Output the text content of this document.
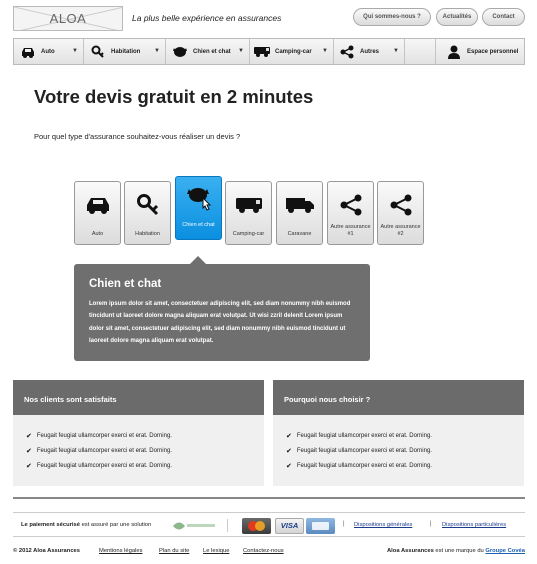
ALOA	La plus belle expérience en assurances	Qui sommes-nous ?	Actualités	Contact
Auto	▼	Habitation ▼	Chien et chat ▼	Camping-car ▼	Autres ▼	Espace personnel
Votre devis gratuit en 2 minutes

Pour quel type d'assurance souhaitez-vous réaliser un devis ?

Auto	Habitation
Chien et chat
Camping-car	Caravane
Autre assurance #1
Autre assurance #2
Chien et chat
Lorem ipsum dolor sit amet, consectetuer adipiscing elit, sed diam nonummy nibh euismod tincidunt ut laoreet dolore magna aliquam erat volutpat. Ut wisi zzril delenit Lorem ipsum dolor sit amet, consectetuer adipiscing elit, sed diam nonummy nibh euismod tincidunt ut laoreet dolore magna aliquam erat volutpat.
Nos clients sont satisfaits
✔ Feugait feugiat ullamcorper exerci et erat. Dorning.
✔ Feugait feugiat ullamcorper exerci et erat. Dorning.
✔ Feugait feugiat ullamcorper exerci et erat. Dorning.
Pourquoi nous choisir ?
✔ Feugait feugiat ullamcorper exerci et erat. Dorning.
✔ Feugait feugiat ullamcorper exerci et erat. Dorning.
✔ Feugait feugiat ullamcorper exerci et erat. Dorning.
Le paiement sécurisé est assuré par une solution	VISA	| Dispositions générales	| Dispositions particulières
© 2012 Aloa Assurances	Mentions légales	Plan du site Le lexique Contactez-nous	Aloa Assurances est une marque du Groupe Covéa
